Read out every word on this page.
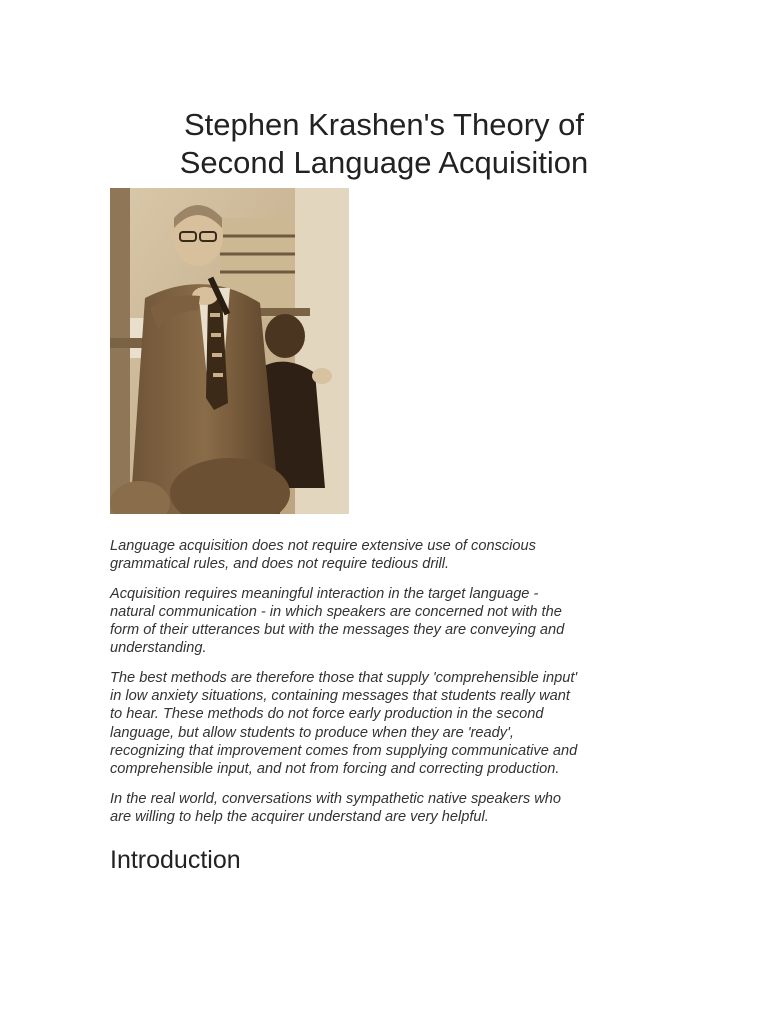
Stephen Krashen's Theory of
Second Language Acquisition

Language acquisition does not require extensive use of conscious
grammatical rules, and does not require tedious drill.

Acquisition requires meaningful interaction in the target language -
natural communication - in which speakers are concerned not with the
form of their utterances but with the messages they are conveying and
understanding.

The best methods are therefore those that supply 'comprehensible input'
in low anxiety situations, containing messages that students really want
to hear. These methods do not force early production in the second
language, but allow students to produce when they are 'ready',
recognizing that improvement comes from supplying communicative and
comprehensible input, and not from forcing and correcting production.

In the real world, conversations with sympathetic native speakers who
are willing to help the acquirer understand are very helpful.

Introduction
